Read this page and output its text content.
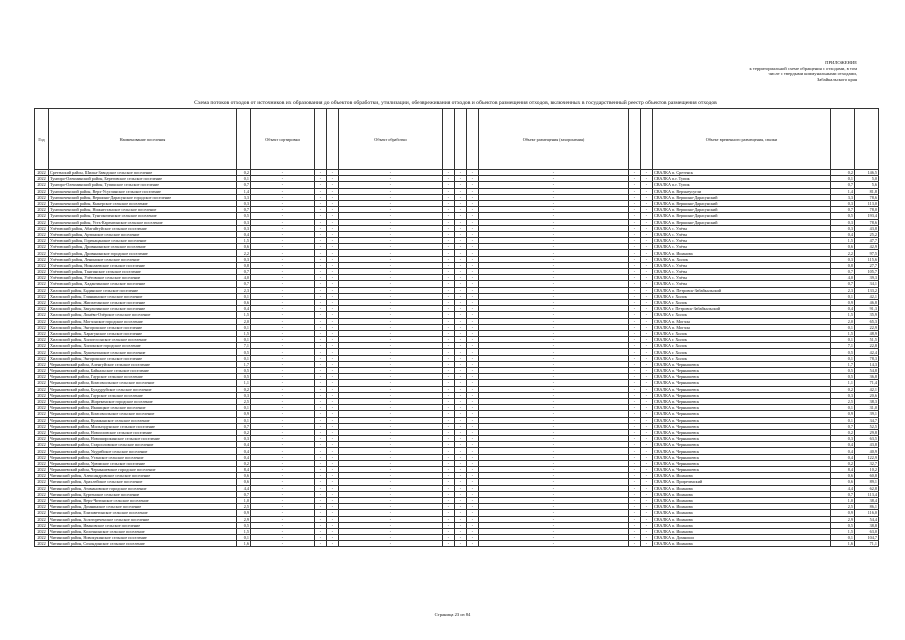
ПРИЛОЖЕНИЕ
к территориальной схеме обращения с отходами, в том
числе с твердыми коммунальными отходами,
Забайкальского края
Схема потоков отходов от источников их образования до объектов обработки, утилизации, обезвреживания отходов и объектов размещения отходов, включенных в государственный реестр объектов размещения отходов
Год	Наименование поселения		Объект сортировки			Объект обработки				Объект размещения (захоронения)			Объект временного размещения, свалки		
2022	Сретенский район, Шилка-Заводское сельское поселение	0,2	-	-	-	-	-	-	-	-	-	-	СВАЛКА п. Сретенск	0,2	146,5
2022	Тунгиро-Олекминский район, Береговское сельское поселение	0,1	-	-	-	-	-	-	-	-	-	-	СВАЛКА п.г. Тупик	0,1	5,0
2022	Тунгиро-Олекминский район, Тупикское сельское поселение	0,7	-	-	-	-	-	-	-	-	-	-	СВАЛКА п.г. Тупик	0,7	5,6
2022	Тунгокоченский район, Верх-Усуглинское сельское поселение	1,4	-	-	-	-	-	-	-	-	-	-	СВАЛКА п. Верхнеусугли	1,4	81,8
2022	Тунгокоченский район, Вершино-Дарасунское городское поселение	3,3	-	-	-	-	-	-	-	-	-	-	СВАЛКА п. Вершино-Дарасунский	3,3	78,6
2022	Тунгокоченский район, Кыкерское сельское поселение	0,3	-	-	-	-	-	-	-	-	-	-	СВАЛКА п. Вершино-Дарасунский	0,3	113,0
2022	Тунгокоченский район, Нижнестанское сельское поселение	0,7	-	-	-	-	-	-	-	-	-	-	СВАЛКА п. Вершино-Дарасунский	0,7	78,0
2022	Тунгокоченский район, Тунгокоченское сельское поселение	0,5	-	-	-	-	-	-	-	-	-	-	СВАЛКА п. Вершино-Дарасунский	0,5	193,4
2022	Тунгокоченский район, Усть-Каренгинское сельское поселение	0,3	-	-	-	-	-	-	-	-	-	-	СВАЛКА п. Вершино-Дарасунский	0,3	78,6
2022	Улётовский район, Абагайтуйское сельское поселение	0,3	-	-	-	-	-	-	-	-	-	-	СВАЛКА с. Улёты	0,3	43,8
2022	Улётовский район, Артинское сельское поселение	0,4	-	-	-	-	-	-	-	-	-	-	СВАЛКА с. Улёты	0,4	25,2
2022	Улётовский район, Горекацанское сельское поселение	1,5	-	-	-	-	-	-	-	-	-	-	СВАЛКА с. Улёты	1,5	47,7
2022	Улётовский район, Дровянинское сельское поселение	0,6	-	-	-	-	-	-	-	-	-	-	СВАЛКА с. Улёты	0,6	42,9
2022	Улётовский район, Дровянинское городское поселение	2,2	-	-	-	-	-	-	-	-	-	-	СВАЛКА п. Ишанова	2,2	97,5
2022	Улётовский район, Ленинское сельское поселение	0,3	-	-	-	-	-	-	-	-	-	-	СВАЛКА п. Хилок	0,3	115,6
2022	Улётовский район, Николаевское сельское поселение	0,8	-	-	-	-	-	-	-	-	-	-	СВАЛКА с. Улёты	0,8	27,7
2022	Улётовский район, Тангинское сельское поселение	0,7	-	-	-	-	-	-	-	-	-	-	СВАЛКА с. Улёты	0,7	105,7
2022	Улётовский район, Улётовское сельское поселение	4,0	-	-	-	-	-	-	-	-	-	-	СВАЛКА с. Улёты	4,0	39,3
2022	Улётовский район, Хадактинское сельское поселение	0,7	-	-	-	-	-	-	-	-	-	-	СВАЛКА с. Улёты	0,7	34,1
2022	Хилокский район, Бадинское сельское поселение	2,3	-	-	-	-	-	-	-	-	-	-	СВАЛКА п. Петровск-Забайкальский	2,3	133,2
2022	Хилокский район, Глинкинское сельское поселение	0,1	-	-	-	-	-	-	-	-	-	-	СВАЛКА г. Хилок	0,1	42,1
2022	Хилокский район, Жипхеганское сельское поселение	0,6	-	-	-	-	-	-	-	-	-	-	СВАЛКА г. Хилок	0,9	46,8
2022	Хилокский район, Закультинское сельское поселение	0,4	-	-	-	-	-	-	-	-	-	-	СВАЛКА г. Петровск-Забайкальский	0,4	91,3
2022	Хилокский район, Линёво-Озёрское сельское поселение	1,5	-	-	-	-	-	-	-	-	-	-	СВАЛКА г. Хилок	1,5	35,9
2022	Хилокский район, Могзонское городское поселение	2,0	-	-	-	-	-	-	-	-	-	-	СВАЛКА п. Могзон	2,0	65,3
2022	Хилокский район, Энгорокское сельское поселение	0,1	-	-	-	-	-	-	-	-	-	-	СВАЛКА п. Могзон	0,1	22,9
2022	Хилокский район, Харагунское сельское поселение	1,5	-	-	-	-	-	-	-	-	-	-	СВАЛКА г. Хилок	1,5	48,9
2022	Хилокский район, Хилогосонское сельское поселение	0,1	-	-	-	-	-	-	-	-	-	-	СВАЛКА г. Хилок	0,1	51,5
2022	Хилокский район, Хилокское городское поселение	7,1	-	-	-	-	-	-	-	-	-	-	СВАЛКА г. Хилок	7,1	22,8
2022	Хилокский район, Хушенгинское сельское поселение	0,5	-	-	-	-	-	-	-	-	-	-	СВАЛКА г. Хилок	0,5	42,4
2022	Хилокский район, Энгорокское сельское поселение	0,1	-	-	-	-	-	-	-	-	-	-	СВАЛКА г. Хилок	0,1	78,3
2022	Чернышевский район, Аленгуйское сельское поселение	1,7	-	-	-	-	-	-	-	-	-	-	СВАЛКА п. Чернышевск	1,7	14,3
2022	Чернышевский район, Байкальское сельское поселение	0,5	-	-	-	-	-	-	-	-	-	-	СВАЛКА п. Чернышевск	0,5	54,8
2022	Чернышевский район, Гаурское сельское поселение	0,5	-	-	-	-	-	-	-	-	-	-	СВАЛКА п. Чернышевск	0,5	36,8
2022	Чернышевский район, Комсомольское сельское поселение	1,1	-	-	-	-	-	-	-	-	-	-	СВАЛКА п. Чернышевск	1,1	71,4
2022	Чернышевский район, Булдуруйское сельское поселение	0,2	-	-	-	-	-	-	-	-	-	-	СВАЛКА п. Чернышевск	0,2	42,1
2022	Чернышевский район, Гаурское сельское поселение	0,3	-	-	-	-	-	-	-	-	-	-	СВАЛКА п. Чернышевск	0,3	20,6
2022	Чернышевский район, Жирекенское городское поселение	2,5	-	-	-	-	-	-	-	-	-	-	СВАЛКА п. Чернышевск	2,5	38,3
2022	Чернышевский район, Икшицкое сельское поселение	0,1	-	-	-	-	-	-	-	-	-	-	СВАЛКА п. Чернышевск	0,1	31,0
2022	Чернышевский район, Комсомольское сельское поселение	0,9	-	-	-	-	-	-	-	-	-	-	СВАЛКА п. Чернышевск	0,9	39,1
2022	Чернышевский район, Кумаканское сельское поселение	0,1	-	-	-	-	-	-	-	-	-	-	СВАЛКА п. Чернышевск	0,1	34,7
2022	Чернышевский район, Мильгидунское сельское поселение	0,7	-	-	-	-	-	-	-	-	-	-	СВАЛКА п. Чернышевск	0,7	52,5
2022	Чернышевский район, Новооловское сельское поселение	0,2	-	-	-	-	-	-	-	-	-	-	СВАЛКА п. Чернышевск	0,2	29,8
2022	Чернышевский район, Новоширокинское сельское поселение	0,3	-	-	-	-	-	-	-	-	-	-	СВАЛКА п. Чернышевск	0,3	63,5
2022	Чернышевский район, Старооловское сельское поселение	0,4	-	-	-	-	-	-	-	-	-	-	СВАЛКА п. Чернышевск	0,4	43,8
2022	Чернышевский район, Укурейское сельское поселение	0,4	-	-	-	-	-	-	-	-	-	-	СВАЛКА п. Чернышевск	0,4	40,9
2022	Чернышевский район, Утанское сельское поселение	0,4	-	-	-	-	-	-	-	-	-	-	СВАЛКА п. Чернышевск	0,4	122,9
2022	Чернышевский район, Урюмское сельское поселение	0,2	-	-	-	-	-	-	-	-	-	-	СВАЛКА п. Чернышевск	0,2	32,7
2022	Чернышевский район, Чернышевское городское поселение	8,4	-	-	-	-	-	-	-	-	-	-	СВАЛКА п. Чернышевск	8,4	10,2
2022	Читинский район, Александровское сельское поселение	0,6	-	-	-	-	-	-	-	-	-	-	СВАЛКА п. Ишанова	0,6	60,8
2022	Читинский район, Арахлейское сельское поселение	0,6	-	-	-	-	-	-	-	-	-	-	СВАЛКА п. Приреченский	0,6	89,1
2022	Читинский район, Атамановское городское поселение	4,4	-	-	-	-	-	-	-	-	-	-	СВАЛКА п. Ишанова	4,4	62,8
2022	Читинский район, Бургенское сельское поселение	0,7	-	-	-	-	-	-	-	-	-	-	СВАЛКА п. Ишанова	0,7	113,4
2022	Читинский район, Верх-Читинское сельское поселение	1,0	-	-	-	-	-	-	-	-	-	-	СВАЛКА п. Ишанова	1,0	38,4
2022	Читинский район, Домнинское сельское поселение	2,5	-	-	-	-	-	-	-	-	-	-	СВАЛКА п. Ишанова	2,5	86,1
2022	Читинский район, Елизаветинское сельское поселение	0,9	-	-	-	-	-	-	-	-	-	-	СВАЛКА п. Ишанова	0,9	116,0
2022	Читинский район, Золотореченское сельское поселение	2,9	-	-	-	-	-	-	-	-	-	-	СВАЛКА п. Ишанова	2,9	54,4
2022	Читинский район, Ивановское сельское поселение	0,5	-	-	-	-	-	-	-	-	-	-	СВАЛКА п. Ишанова	0,5	38,8
2022	Читинский район, Колочнинское сельское поселение	1,5	-	-	-	-	-	-	-	-	-	-	СВАЛКА п. Ишанова	1,5	63,0
2022	Читинский район, Новокукинское сельское поселение	0,1	-	-	-	-	-	-	-	-	-	-	СВАЛКА п. Домноши	0,1	104,7
2022	Читинский район, Сохондинское сельское поселение	1,6	-	-	-	-	-	-	-	-	-	-	СВАЛКА п. Ишанова	1,6	71,1
Страница 23 из 84
